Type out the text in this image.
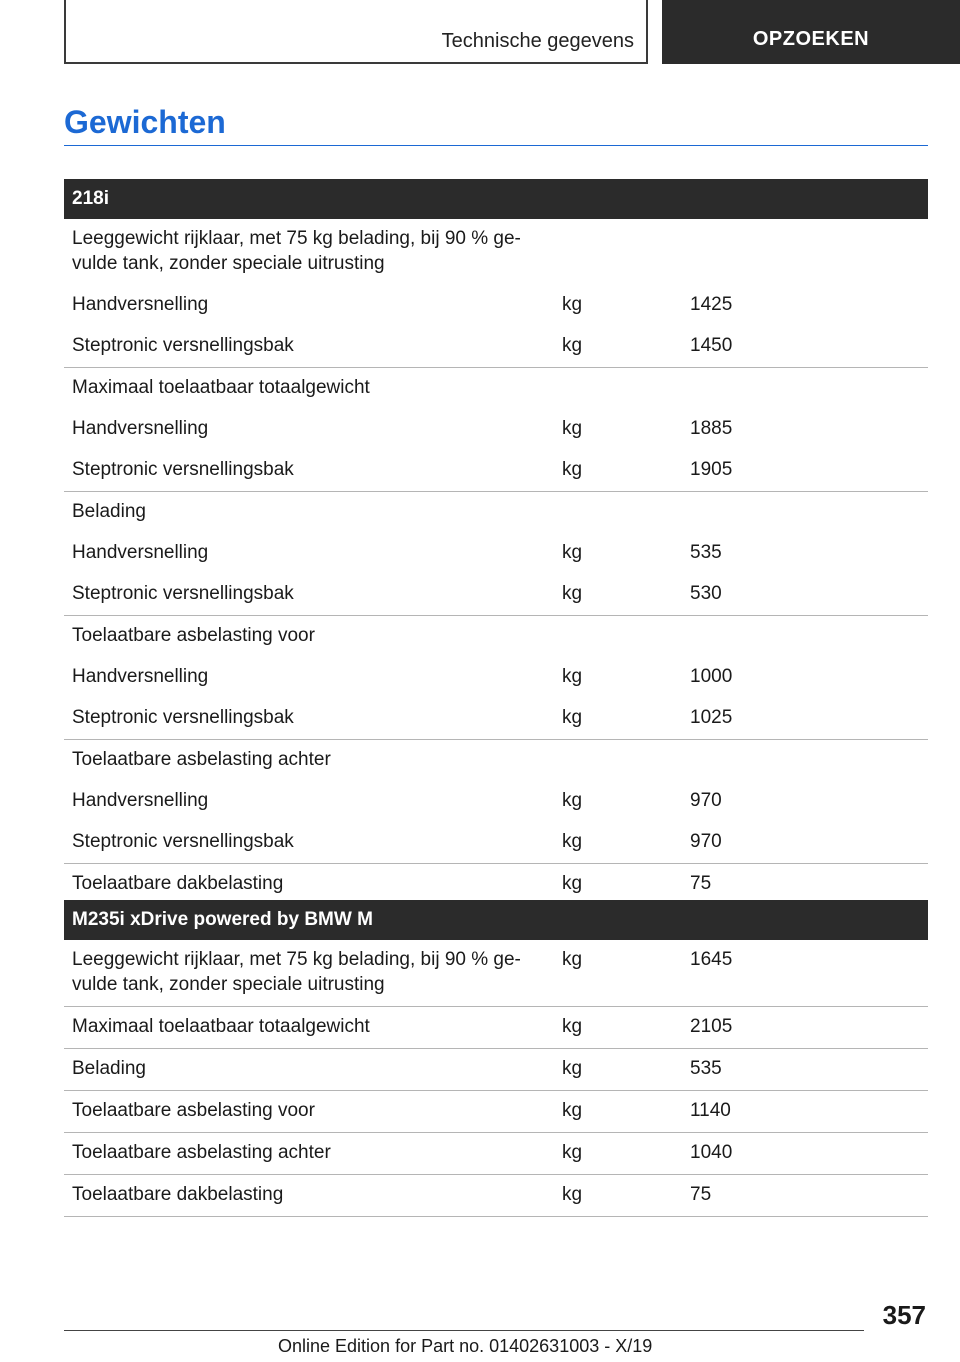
Technische gegevens	OPZOEKEN
Gewichten
218i		
Leeggewicht rijklaar, met 75 kg belading, bij 90 % ge-vulde tank, zonder speciale uitrusting		
Handversnelling	kg	1425
Steptronic versnellingsbak	kg	1450
Maximaal toelaatbaar totaalgewicht		
Handversnelling	kg	1885
Steptronic versnellingsbak	kg	1905
Belading		
Handversnelling	kg	535
Steptronic versnellingsbak	kg	530
Toelaatbare asbelasting voor		
Handversnelling	kg	1000
Steptronic versnellingsbak	kg	1025
Toelaatbare asbelasting achter		
Handversnelling	kg	970
Steptronic versnellingsbak	kg	970
Toelaatbare dakbelasting	kg	75
M235i xDrive powered by BMW M		
Leeggewicht rijklaar, met 75 kg belading, bij 90 % ge-vulde tank, zonder speciale uitrusting	kg	1645
Maximaal toelaatbaar totaalgewicht	kg	2105
Belading	kg	535
Toelaatbare asbelasting voor	kg	1140
Toelaatbare asbelasting achter	kg	1040
Toelaatbare dakbelasting	kg	75
357
Online Edition for Part no. 01402631003 - X/19
